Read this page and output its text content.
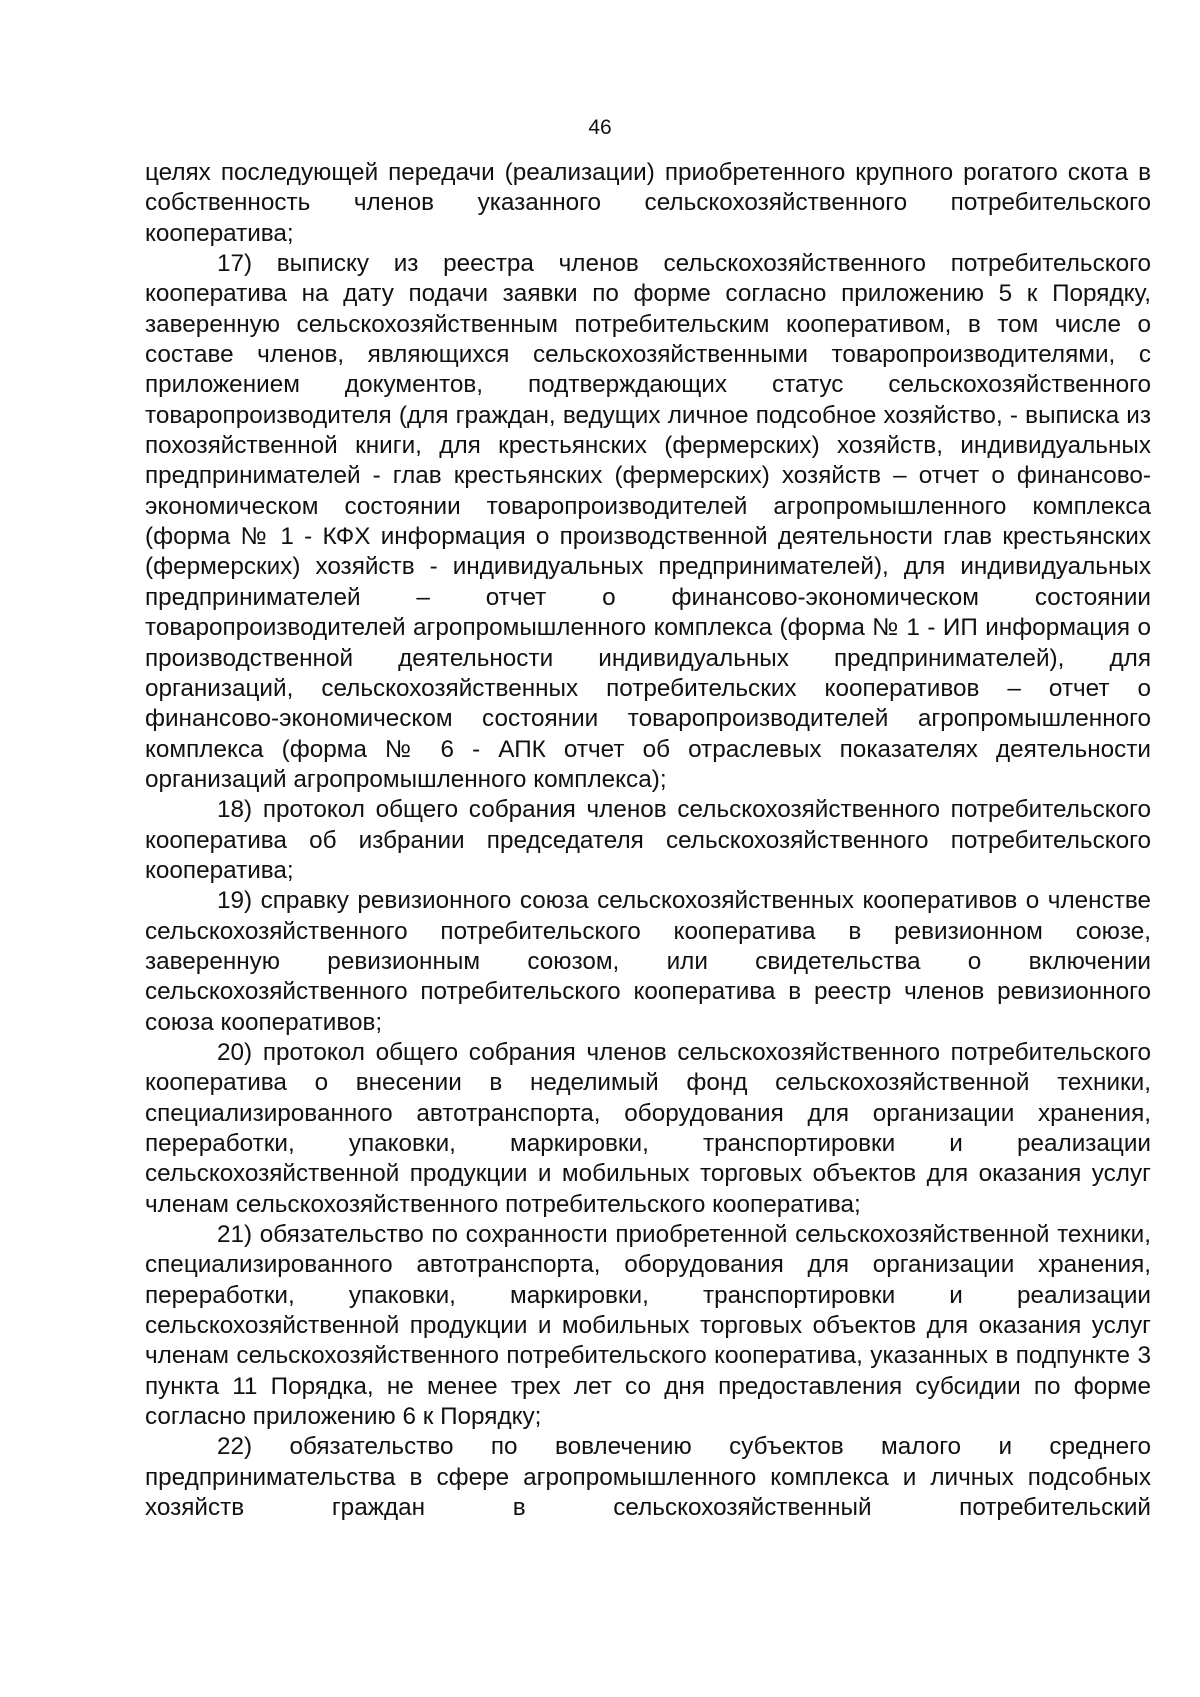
46

целях последующей передачи (реализации) приобретенного крупного рогатого скота в собственность членов указанного сельскохозяйственного потребительского кооператива;

17) выписку из реестра членов сельскохозяйственного потребительского кооператива на дату подачи заявки по форме согласно приложению 5 к Порядку, заверенную сельскохозяйственным потребительским кооперативом, в том числе о составе членов, являющихся сельскохозяйственными товаропроизводителями, с приложением документов, подтверждающих статус сельскохозяйственного товаропроизводителя (для граждан, ведущих личное подсобное хозяйство, - выписка из похозяйственной книги, для крестьянских (фермерских) хозяйств, индивидуальных предпринимателей - глав крестьянских (фермерских) хозяйств – отчет о финансово-экономическом состоянии товаропроизводителей агропромышленного комплекса (форма № 1 - КФХ информация о производственной деятельности глав крестьянских (фермерских) хозяйств - индивидуальных предпринимателей), для индивидуальных предпринимателей – отчет о финансово-экономическом состоянии товаропроизводителей агропромышленного комплекса (форма № 1 - ИП информация о производственной деятельности индивидуальных предпринимателей), для организаций, сельскохозяйственных потребительских кооперативов – отчет о финансово-экономическом состоянии товаропроизводителей агропромышленного комплекса (форма № 6 - АПК отчет об отраслевых показателях деятельности организаций агропромышленного комплекса);

18) протокол общего собрания членов сельскохозяйственного потребительского кооператива об избрании председателя сельскохозяйственного потребительского кооператива;

19) справку ревизионного союза сельскохозяйственных кооперативов о членстве сельскохозяйственного потребительского кооператива в ревизионном союзе, заверенную ревизионным союзом, или свидетельства о включении сельскохозяйственного потребительского кооператива в реестр членов ревизионного союза кооперативов;

20) протокол общего собрания членов сельскохозяйственного потребительского кооператива о внесении в неделимый фонд сельскохозяйственной техники, специализированного автотранспорта, оборудования для организации хранения, переработки, упаковки, маркировки, транспортировки и реализации сельскохозяйственной продукции и мобильных торговых объектов для оказания услуг членам сельскохозяйственного потребительского кооператива;

21) обязательство по сохранности приобретенной сельскохозяйственной техники, специализированного автотранспорта, оборудования для организации хранения, переработки, упаковки, маркировки, транспортировки и реализации сельскохозяйственной продукции и мобильных торговых объектов для оказания услуг членам сельскохозяйственного потребительского кооператива, указанных в подпункте 3 пункта 11 Порядка, не менее трех лет со дня предоставления субсидии по форме согласно приложению 6 к Порядку;

22) обязательство по вовлечению субъектов малого и среднего предпринимательства в сфере агропромышленного комплекса и личных подсобных хозяйств граждан в сельскохозяйственный потребительский
